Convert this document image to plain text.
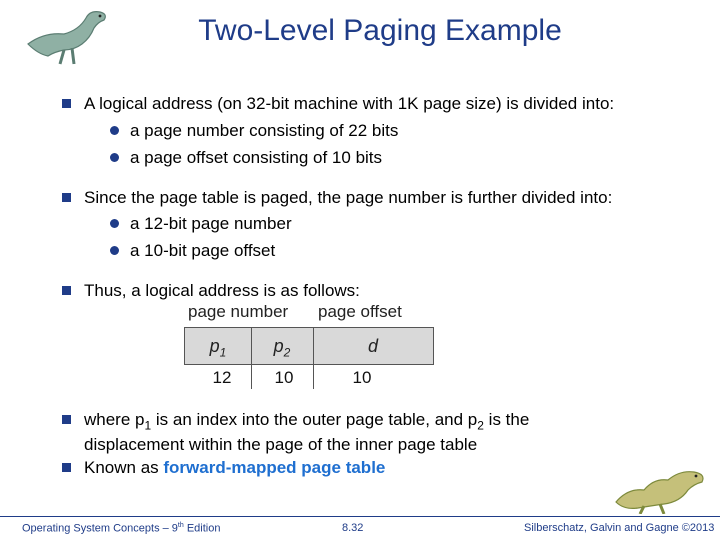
Two-Level Paging Example
A logical address (on 32-bit machine with 1K page size) is divided into:
a page number consisting of 22 bits
a page offset consisting of 10 bits
Since the page table is paged, the page number is further divided into:
a 12-bit page number
a 10-bit page offset
Thus, a logical address is as follows:
page number page offset
$p_1$	$p_2$	d
12	10	10
where $p_1$ is an index into the outer page table, and $p_2$ is the
displacement within the page of the inner page table
Known as forward-mapped page table
Operating System Concepts – 9th Edition	8.32	Silberschatz, Galvin and Gagne ©2013
